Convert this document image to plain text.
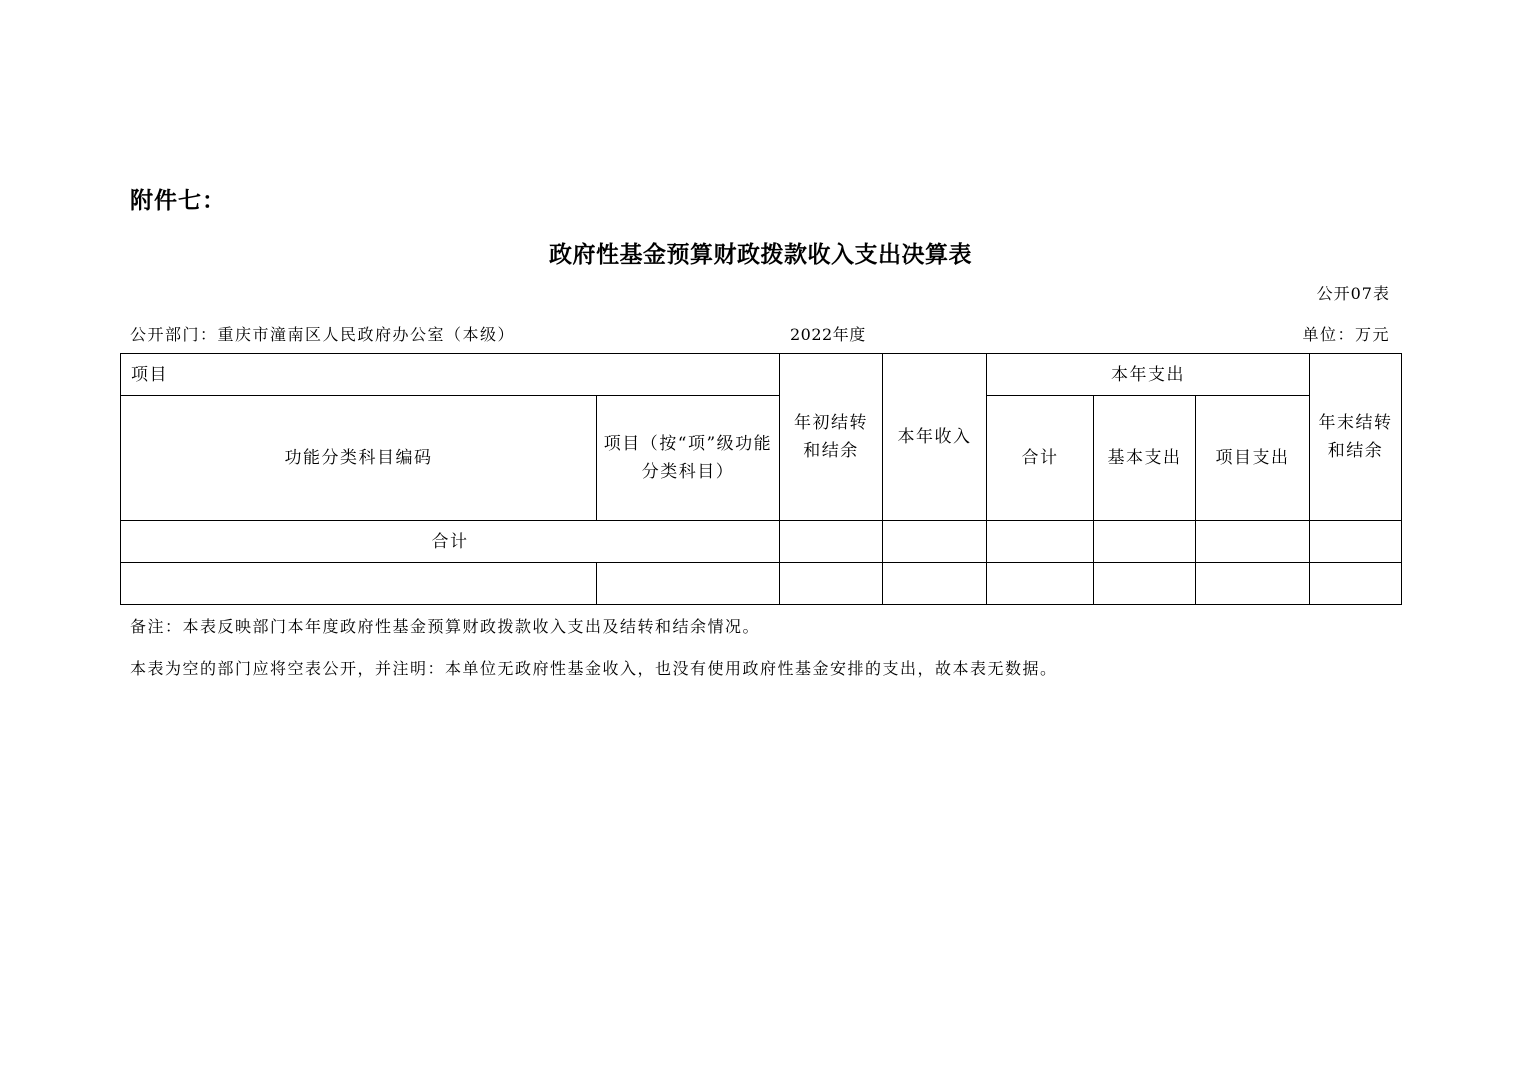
附件七：
政府性基金预算财政拨款收入支出决算表
公开07表
公开部门：重庆市潼南区人民政府办公室（本级）	2022年度	单位：万元
项目		年初结转和结余	本年收入	本年支出			年末结转和结余
功能分类科目编码	项目（按“项”级功能分类科目）			合计	基本支出	项目支出	
合计							

备注：本表反映部门本年度政府性基金预算财政拨款收入支出及结转和结余情况。
本表为空的部门应将空表公开，并注明：本单位无政府性基金收入，也没有使用政府性基金安排的支出，故本表无数据。
